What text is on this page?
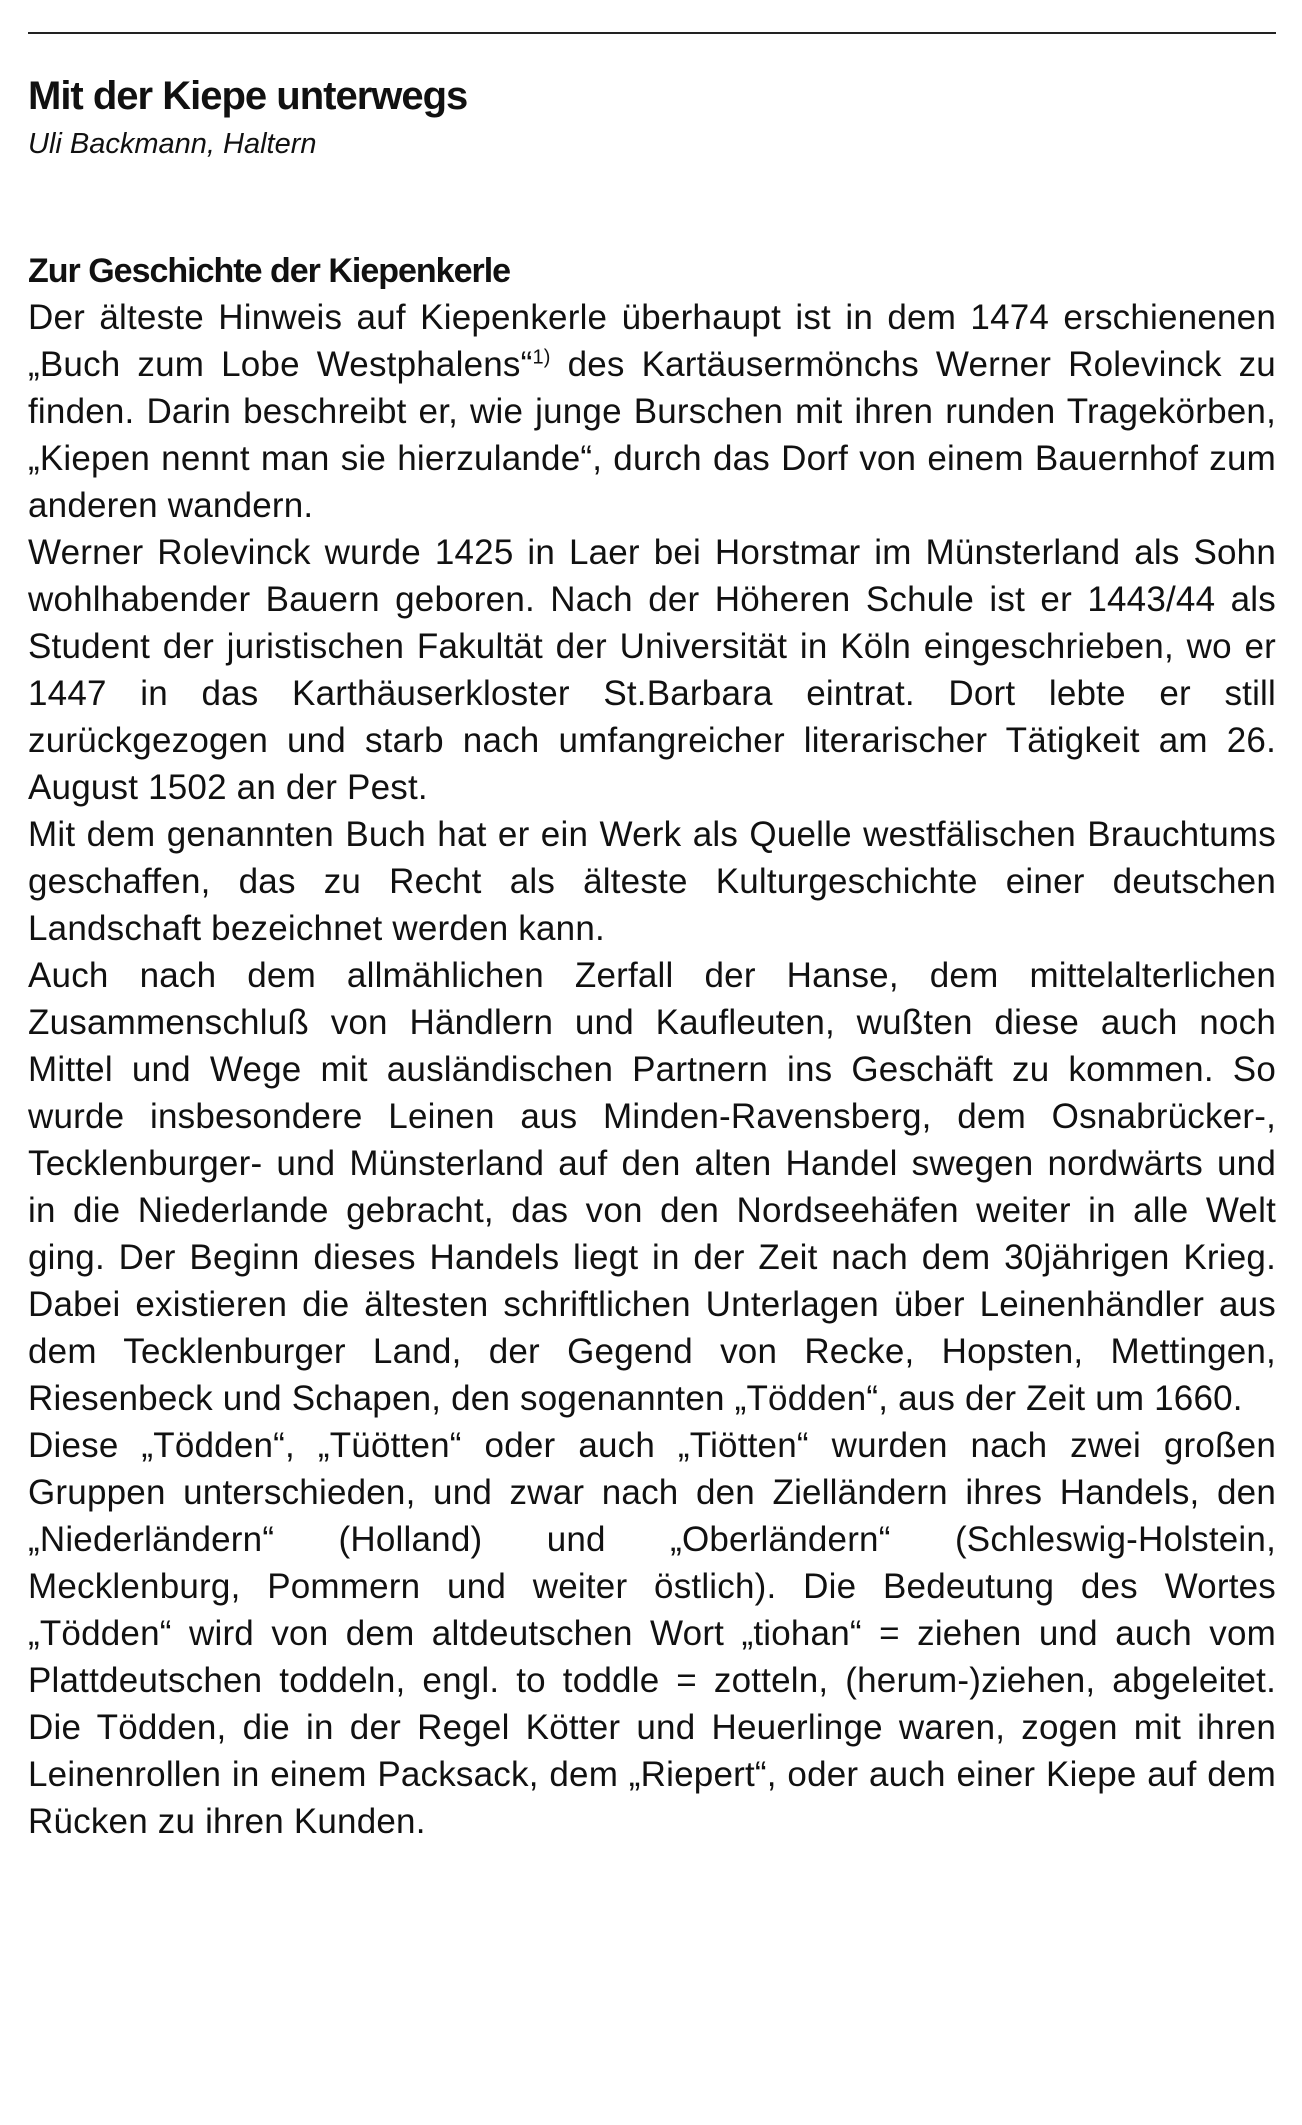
Mit der Kiepe unterwegs
Uli Backmann, Haltern
Zur Geschichte der Kiepenkerle

Der älteste Hinweis auf Kiepenkerle überhaupt ist in dem 1474 erschienenen „Buch zum Lobe Westphalens“$^{1)}$ des Kartäusermönchs Werner Rolevinck zu finden. Darin beschreibt er, wie junge Burschen mit ihren runden Tragekörben, „Kiepen nennt man sie hierzulande“, durch das Dorf von einem Bauernhof zum anderen wandern.

Werner Rolevinck wurde 1425 in Laer bei Horstmar im Münsterland als Sohn wohlhabender Bauern geboren. Nach der Höheren Schule ist er 1443/44 als Student der juristischen Fakultät der Universität in Köln eingeschrieben, wo er 1447 in das Karthäuserkloster St.Barbara eintrat. Dort lebte er still zurückgezogen und starb nach umfangreicher literarischer Tätigkeit am 26. August 1502 an der Pest.

Mit dem genannten Buch hat er ein Werk als Quelle westfälischen Brauchtums geschaffen, das zu Recht als älteste Kulturgeschichte einer deutschen Landschaft bezeichnet werden kann.

Auch nach dem allmählichen Zerfall der Hanse, dem mittelalterlichen Zusammenschluß von Händlern und Kaufleuten, wußten diese auch noch Mittel und Wege mit ausländischen Partnern ins Geschäft zu kommen. So wurde insbesondere Leinen aus Minden-Ravensberg, dem Osnabrücker-, Tecklenburger- und Münsterland auf den alten Handel swegen nordwärts und in die Niederlande gebracht, das von den Nordseehäfen weiter in alle Welt ging. Der Beginn dieses Handels liegt in der Zeit nach dem 30jährigen Krieg. Dabei existieren die ältesten schriftlichen Unterlagen über Leinenhändler aus dem Tecklenburger Land, der Gegend von Recke, Hopsten, Mettingen, Riesenbeck und Schapen, den sogenannten „Tödden“, aus der Zeit um 1660.

Diese „Tödden“, „Tüötten“ oder auch „Tiötten“ wurden nach zwei großen Gruppen unterschieden, und zwar nach den Zielländern ihres Handels, den „Niederländern“ (Holland) und „Oberländern“ (Schleswig-Holstein, Mecklenburg, Pommern und weiter östlich). Die Bedeutung des Wortes „Tödden“ wird von dem altdeutschen Wort „tiohan“ = ziehen und auch vom Plattdeutschen toddeln, engl. to toddle = zotteln, (herum-)ziehen, abgeleitet. Die Tödden, die in der Regel Kötter und Heuerlinge waren, zogen mit ihren Leinenrollen in einem Packsack, dem „Riepert“, oder auch einer Kiepe auf dem Rücken zu ihren Kunden.
